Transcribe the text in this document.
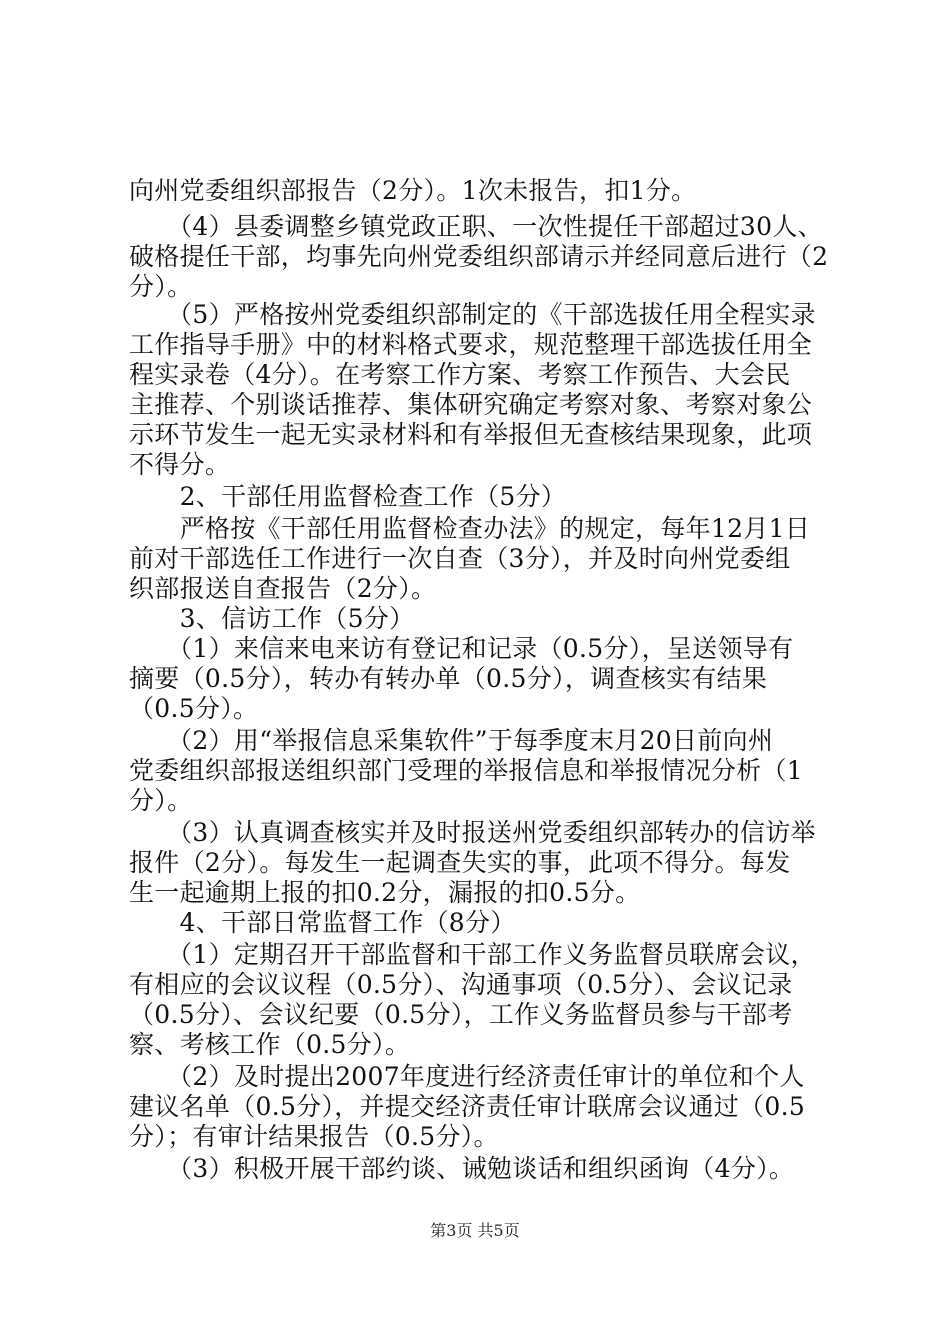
向州党委组织部报告（2分）。1次未报告，扣1分。
　　（4）县委调整乡镇党政正职、一次性提任干部超过30人、
破格提任干部，均事先向州党委组织部请示并经同意后进行（2
分）。
　　（5）严格按州党委组织部制定的《干部选拔任用全程实录
工作指导手册》中的材料格式要求，规范整理干部选拔任用全
程实录卷（4分）。在考察工作方案、考察工作预告、大会民
主推荐、个别谈话推荐、集体研究确定考察对象、考察对象公
示环节发生一起无实录材料和有举报但无查核结果现象，此项
不得分。
　　2、干部任用监督检查工作（5分）
　　严格按《干部任用监督检查办法》的规定，每年12月1日
前对干部选任工作进行一次自查（3分），并及时向州党委组
织部报送自查报告（2分）。
　　3、信访工作（5分）
　　（1）来信来电来访有登记和记录（0.5分），呈送领导有
摘要（0.5分），转办有转办单（0.5分），调查核实有结果
（0.5分）。
　　（2）用“举报信息采集软件”于每季度末月20日前向州
党委组织部报送组织部门受理的举报信息和举报情况分析（1
分）。
　　（3）认真调查核实并及时报送州党委组织部转办的信访举
报件（2分）。每发生一起调查失实的事，此项不得分。每发
生一起逾期上报的扣0.2分，漏报的扣0.5分。
　　4、干部日常监督工作（8分）
　　（1）定期召开干部监督和干部工作义务监督员联席会议，
有相应的会议议程（0.5分）、沟通事项（0.5分）、会议记录
（0.5分）、会议纪要（0.5分），工作义务监督员参与干部考
察、考核工作（0.5分）。
　　（2）及时提出2007年度进行经济责任审计的单位和个人
建议名单（0.5分），并提交经济责任审计联席会议通过（0.5
分）；有审计结果报告（0.5分）。
　　（3）积极开展干部约谈、诫勉谈话和组织函询（4分）。
第3页 共5页
